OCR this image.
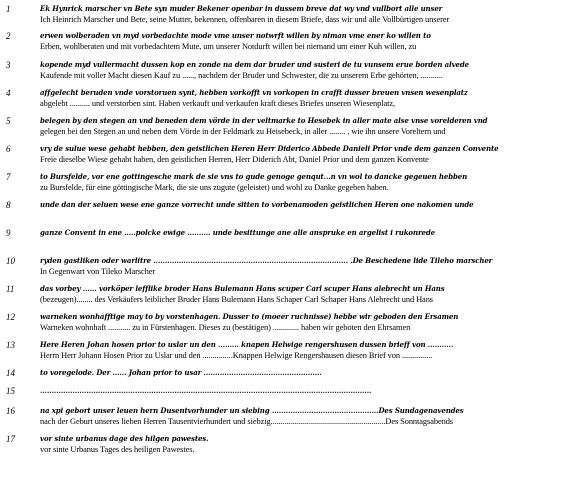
1	Ek Hynrick marscher vn Bete syn muder Bekener openbar in dussem breve dat wy vnd vullbort alle unser
Ich Heinrich Marscher und Bete, seine Mutter, bekennen, offenbaren in diesem Briefe, dass wir und alle Vollbürtigen unserer
2	erwen wolberaden vn myd vorbedachte mode vme unser notwrft willen by niman vme ener ko willen to
Erben, wohlberaten und mit vorbedachtem Mute, um unserer Notdurft willen bei niemand um einer Kuh willen, zu
3	kopende myd vullermacht dussen kop en zonde na dem dar bruder und susteri de tu vunsem erue borden alvede
Kaufende mit voller Macht diesen Kauf zu ......, nachdem der Bruder und Schwester, die zu unserem Erbe gehörten, ...........
4	affgelecht beruden vnde vorstoruen synt, hebben vorkofft vn vorkopen in crafft dusser breuen vnsen wesenplatz
abgelebt .......... und verstorben sint. Haben verkauft und verkaufen kraft dieses Briefes unseren Wiesenplatz,
5	belegen by den stegen an vnd beneden dem vörde in der veltmarke to Hesebek in aller mate alse vnse vorelderen vnd
gelegen bei den Stegen an und neben dem Vörde in der Feldmark zu Heisebeck, in aller ........ , wie ihn unsere Voreltern und
6	vry de sulue wese gehabt hebben, den geistlichen Heren Herr Diderico Abbede Danieli Prior vnde dem ganzen Convente
Freie dieselbe Wiese gehabt haben, den geistlichen Herren, Herr Diderich Abt, Daniel Prior und dem ganzen Konvente
7	to Bursfelde, vor ene gottingesche mark de sie vns to gude genoge genqut...n vn wol to dancke gegeuen hebben
zu Bursfelde, für eine göttingische Mark, die sie uns zugute (geleistet) und wohl zu Danke gegeben haben.
8	unde dan der seluen wese ene ganze vorrecht unde sitten to vorbenamoden geistlichen Heren one nakomen unde
9	ganze Convent in ene .....polcke ewige .......... unde besittunge ane alle anspruke en argelist i rukonrede
10	ryden gastliken oder warlitre .................................................................................... .De Beschedene lide Tileho marscher
In Gegenwart von Tileko Marscher
11	das vorbey ...... vorköper lefflike broder Hans Bulemann Hans scuper Carl scuper Hans alebrecht un Hans
(bezeugen)........ des Verkäufers leiblicher Bruder Hans Bulemann Hans Schaper Carl Schaper Hans Alebrecht und Hans
12	warneken wonhafftige may to by vorstenhagen. Dusser to (moeer ruchnisse) hebbe wir geboden den Ersamen
Warneken wohnhaft ........... zu in Fürstenhagen. Dieses zu (bestätigen) ............. haben wir geboten den Ehrsamen
13	Here Heren Johan hosen prior to uslar un den ......... knapen Helwige rengershusen dussen brieff von ...........
Herrn Herr Johann Hosen Prior zu Uslar und den ...............Knappen Helwige Rengershausen diesen Brief von ...............
14	to voregelode. Der ...... Johan prior to usar ...................................................
15	...............................................................................................................................................
16	na xpi gebort unser leuen hern Dusentvorhunder un siebing ..............................................Des Sundagenavendes
nach der Geburt unseres lieben Herren Tausentvierhundert und siebzig.........................................................Des Sonntagsabends
17	vor sinte urbanus dage des hilgen pawestes.
vor sinte Urbanus Tages des heiligen Pawestes.
